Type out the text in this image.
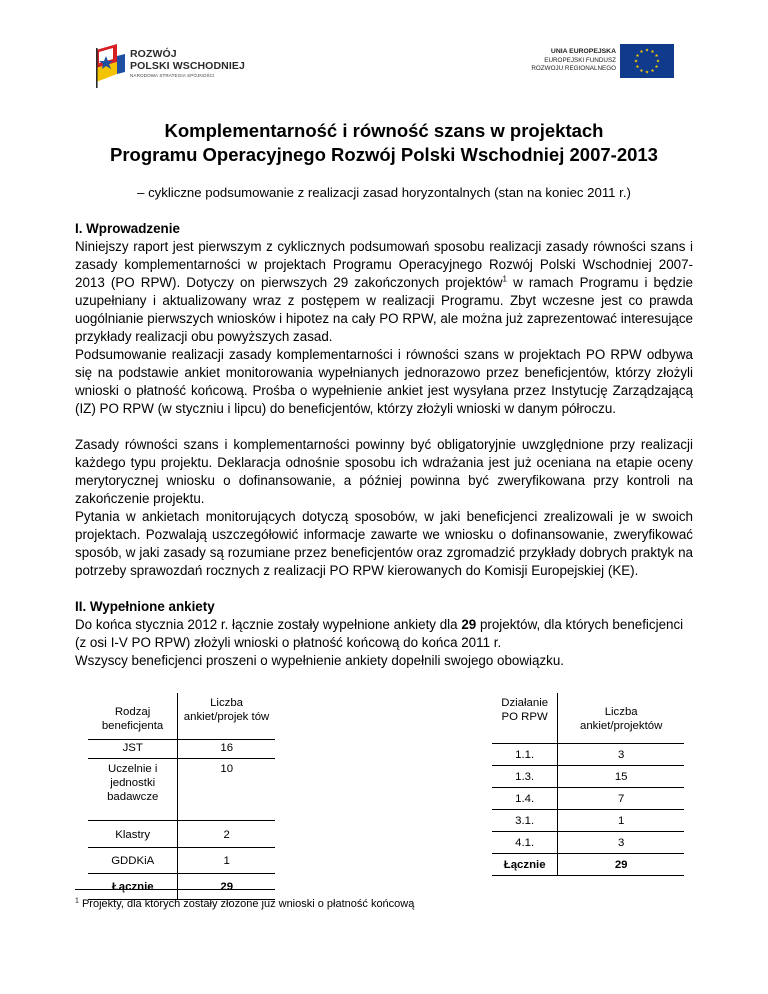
ROZWÓJ
POLSKI WSCHODNIEJ
NARODOWA STRATEGIA SPÓJNOŚCI
UNIA EUROPEJSKA
EUROPEJSKI FUNDUSZ
ROZWOJU REGIONALNEGO
Komplementarność i równość szans w projektach
Programu Operacyjnego Rozwój Polski Wschodniej 2007-2013
– cykliczne podsumowanie z realizacji zasad horyzontalnych (stan na koniec 2011 r.)
I. Wprowadzenie
Niniejszy raport jest pierwszym z cyklicznych podsumowań sposobu realizacji zasady równości szans i zasady komplementarności w projektach Programu Operacyjnego Rozwój Polski Wschodniej 2007-2013 (PO RPW). Dotyczy on pierwszych 29 zakończonych projektów$^1$ w ramach Programu i będzie uzupełniany i aktualizowany wraz z postępem w realizacji Programu. Zbyt wczesne jest co prawda uogólnianie pierwszych wniosków i hipotez na cały PO RPW, ale można już zaprezentować interesujące przykłady realizacji obu powyższych zasad.
Podsumowanie realizacji zasady komplementarności i równości szans w projektach PO RPW odbywa się na podstawie ankiet monitorowania wypełnianych jednorazowo przez beneficjentów, którzy złożyli wnioski o płatność końcową. Prośba o wypełnienie ankiet jest wysyłana przez Instytucję Zarządzającą (IZ) PO RPW (w styczniu i lipcu) do beneficjentów, którzy złożyli wnioski w danym półroczu.
Zasady równości szans i komplementarności powinny być obligatoryjnie uwzględnione przy realizacji każdego typu projektu. Deklaracja odnośnie sposobu ich wdrażania jest już oceniana na etapie oceny merytorycznej wniosku o dofinansowanie, a później powinna być zweryfikowana przy kontroli na zakończenie projektu.
Pytania w ankietach monitorujących dotyczą sposobów, w jaki beneficjenci zrealizowali je w swoich projektach. Pozwalają uszczegółowić informacje zawarte we wniosku o dofinansowanie, zweryfikować sposób, w jaki zasady są rozumiane przez beneficjentów oraz zgromadzić przykłady dobrych praktyk na potrzeby sprawozdań rocznych z realizacji PO RPW kierowanych do Komisji Europejskiej (KE).
II. Wypełnione ankiety
Do końca stycznia 2012 r. łącznie zostały wypełnione ankiety dla 29 projektów, dla których beneficjenci (z osi I-V PO RPW) złożyli wnioski o płatność końcową do końca 2011 r.
Wszyscy beneficjenci proszeni o wypełnienie ankiety dopełnili swojego obowiązku.
Rodzaj beneficjenta	Liczba ankiet/projek tów
JST	16
Uczelnie i jednostki badawcze	10
Klastry	2
GDDKiA	1
Łącznie	29
Działanie PO RPW	Liczba ankiet/projektów
1.1.	3
1.3.	15
1.4.	7
3.1.	1
4.1.	3
Łącznie	29
$^1$ Projekty, dla których zostały złożone już wnioski o płatność końcową
